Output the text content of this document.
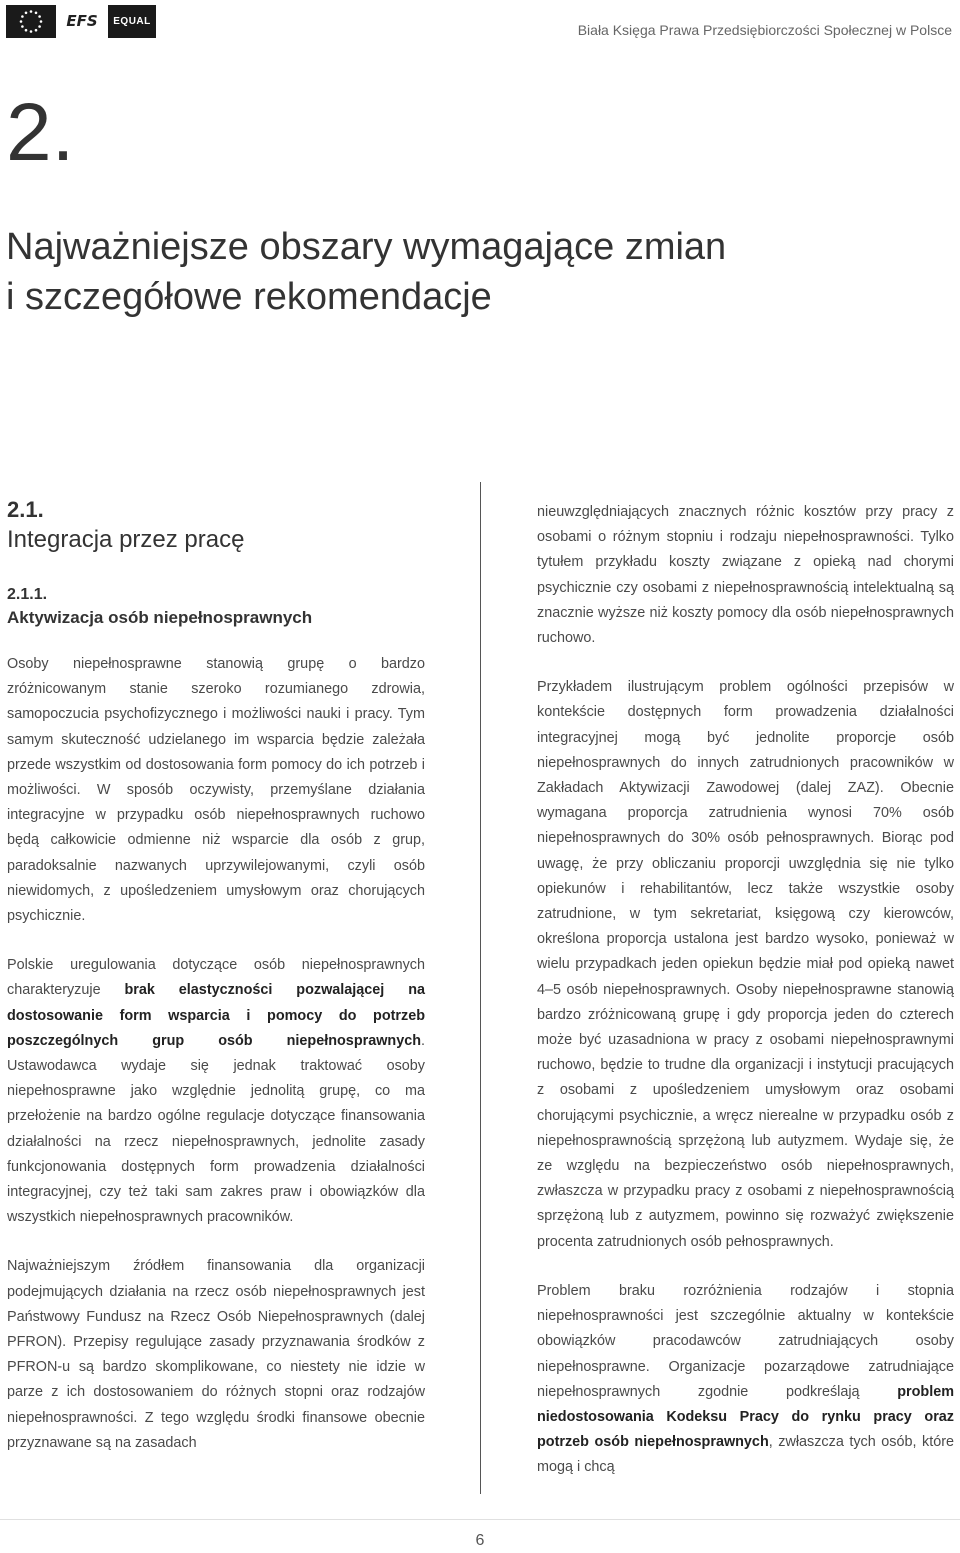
EFS	EQUAL
Biała Księga Prawa Przedsiębiorczości Społecznej w Polsce
2.
Najważniejsze obszary wymagające zmian
i szczegółowe rekomendacje
2.1.
Integracja przez pracę
2.1.1.
Aktywizacja osób niepełnosprawnych

Osoby niepełnosprawne stanowią grupę o bardzo zróżnicowanym stanie szeroko rozumianego zdrowia, samopoczucia psychofizycznego i możliwości nauki i pracy. Tym samym skuteczność udzielanego im wsparcia będzie zależała przede wszystkim od dostosowania form pomocy do ich potrzeb i możliwości. W sposób oczywisty, przemyślane działania integracyjne w przypadku osób niepełnosprawnych ruchowo będą całkowicie odmienne niż wsparcie dla osób z grup, paradoksalnie nazwanych uprzywilejowanymi, czyli osób niewidomych, z upośledzeniem umysłowym oraz chorujących psychicznie.

Polskie uregulowania dotyczące osób niepełnosprawnych charakteryzuje brak elastyczności pozwalającej na dostosowanie form wsparcia i pomocy do potrzeb poszczególnych grup osób niepełnosprawnych. Ustawodawca wydaje się jednak traktować osoby niepełnosprawne jako względnie jednolitą grupę, co ma przełożenie na bardzo ogólne regulacje dotyczące finansowania działalności na rzecz niepełnosprawnych, jednolite zasady funkcjonowania dostępnych form prowadzenia działalności integracyjnej, czy też taki sam zakres praw i obowiązków dla wszystkich niepełnosprawnych pracowników.

Najważniejszym źródłem finansowania dla organizacji podejmujących działania na rzecz osób niepełnosprawnych jest Państwowy Fundusz na Rzecz Osób Niepełnosprawnych (dalej PFRON). Przepisy regulujące zasady przyznawania środków z PFRON-u są bardzo skomplikowane, co niestety nie idzie w parze z ich dostosowaniem do różnych stopni oraz rodzajów niepełnosprawności. Z tego względu środki finansowe obecnie przyznawane są na zasadach

nieuwzględniających znacznych różnic kosztów przy pracy z osobami o różnym stopniu i rodzaju niepełnosprawności. Tylko tytułem przykładu koszty związane z opieką nad chorymi psychicznie czy osobami z niepełnosprawnością intelektualną są znacznie wyższe niż koszty pomocy dla osób niepełnosprawnych ruchowo.

Przykładem ilustrującym problem ogólności przepisów w kontekście dostępnych form prowadzenia działalności integracyjnej mogą być jednolite proporcje osób niepełnosprawnych do innych zatrudnionych pracowników w Zakładach Aktywizacji Zawodowej (dalej ZAZ). Obecnie wymagana proporcja zatrudnienia wynosi 70% osób niepełnosprawnych do 30% osób pełnosprawnych. Biorąc pod uwagę, że przy obliczaniu proporcji uwzględnia się nie tylko opiekunów i rehabilitantów, lecz także wszystkie osoby zatrudnione, w tym sekretariat, księgową czy kierowców, określona proporcja ustalona jest bardzo wysoko, ponieważ w wielu przypadkach jeden opiekun będzie miał pod opieką nawet 4–5 osób niepełnosprawnych. Osoby niepełnosprawne stanowią bardzo zróżnicowaną grupę i gdy proporcja jeden do czterech może być uzasadniona w pracy z osobami niepełnosprawnymi ruchowo, będzie to trudne dla organizacji i instytucji pracujących z osobami z upośledzeniem umysłowym oraz osobami chorującymi psychicznie, a wręcz nierealne w przypadku osób z niepełnosprawnością sprzężoną lub autyzmem. Wydaje się, że ze względu na bezpieczeństwo osób niepełnosprawnych, zwłaszcza w przypadku pracy z osobami z niepełnosprawnością sprzężoną lub z autyzmem, powinno się rozważyć zwiększenie procenta zatrudnionych osób pełnosprawnych.

Problem braku rozróżnienia rodzajów i stopnia niepełnosprawności jest szczególnie aktualny w kontekście obowiązków pracodawców zatrudniających osoby niepełnosprawne. Organizacje pozarządowe zatrudniające niepełnosprawnych zgodnie podkreślają problem niedostosowania Kodeksu Pracy do rynku pracy oraz potrzeb osób niepełnosprawnych, zwłaszcza tych osób, które mogą i chcą

6
